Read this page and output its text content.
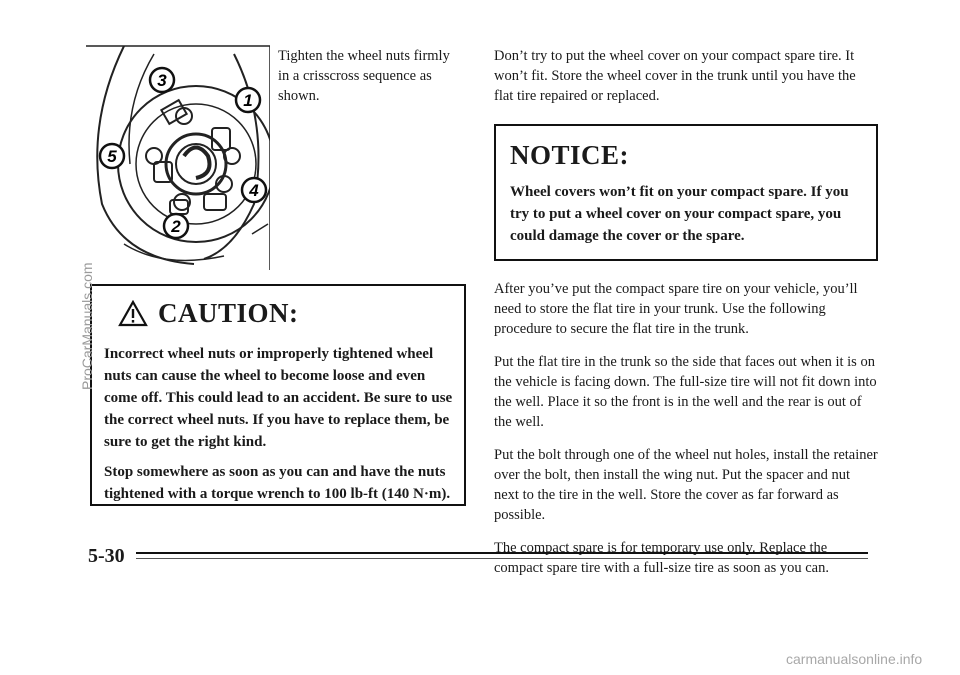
3
1
5
4
2

Tighten the wheel nuts firmly in a crisscross sequence as shown.

CAUTION:

Incorrect wheel nuts or improperly tightened wheel nuts can cause the wheel to become loose and even come off. This could lead to an accident. Be sure to use the correct wheel nuts. If you have to replace them, be sure to get the right kind.

Stop somewhere as soon as you can and have the nuts tightened with a torque wrench to 100 lb-ft (140 N·m).

Don’t try to put the wheel cover on your compact spare tire. It won’t fit. Store the wheel cover in the trunk until you have the flat tire repaired or replaced.

NOTICE:
Wheel covers won’t fit on your compact spare. If you try to put a wheel cover on your compact spare, you could damage the cover or the spare.

After you’ve put the compact spare tire on your vehicle, you’ll need to store the flat tire in your trunk. Use the following procedure to secure the flat tire in the trunk.

Put the flat tire in the trunk so the side that faces out when it is on the vehicle is facing down. The full-size tire will not fit down into the well. Place it so the front is in the well and the rear is out of the well.

Put the bolt through one of the wheel nut holes, install the retainer over the bolt, then install the wing nut. Put the spacer and nut next to the tire in the well. Store the cover as far forward as possible.

The compact spare is for temporary use only. Replace the compact spare tire with a full-size tire as soon as you can.

5-30
ProCarManuals.com
carmanualsonline.info
